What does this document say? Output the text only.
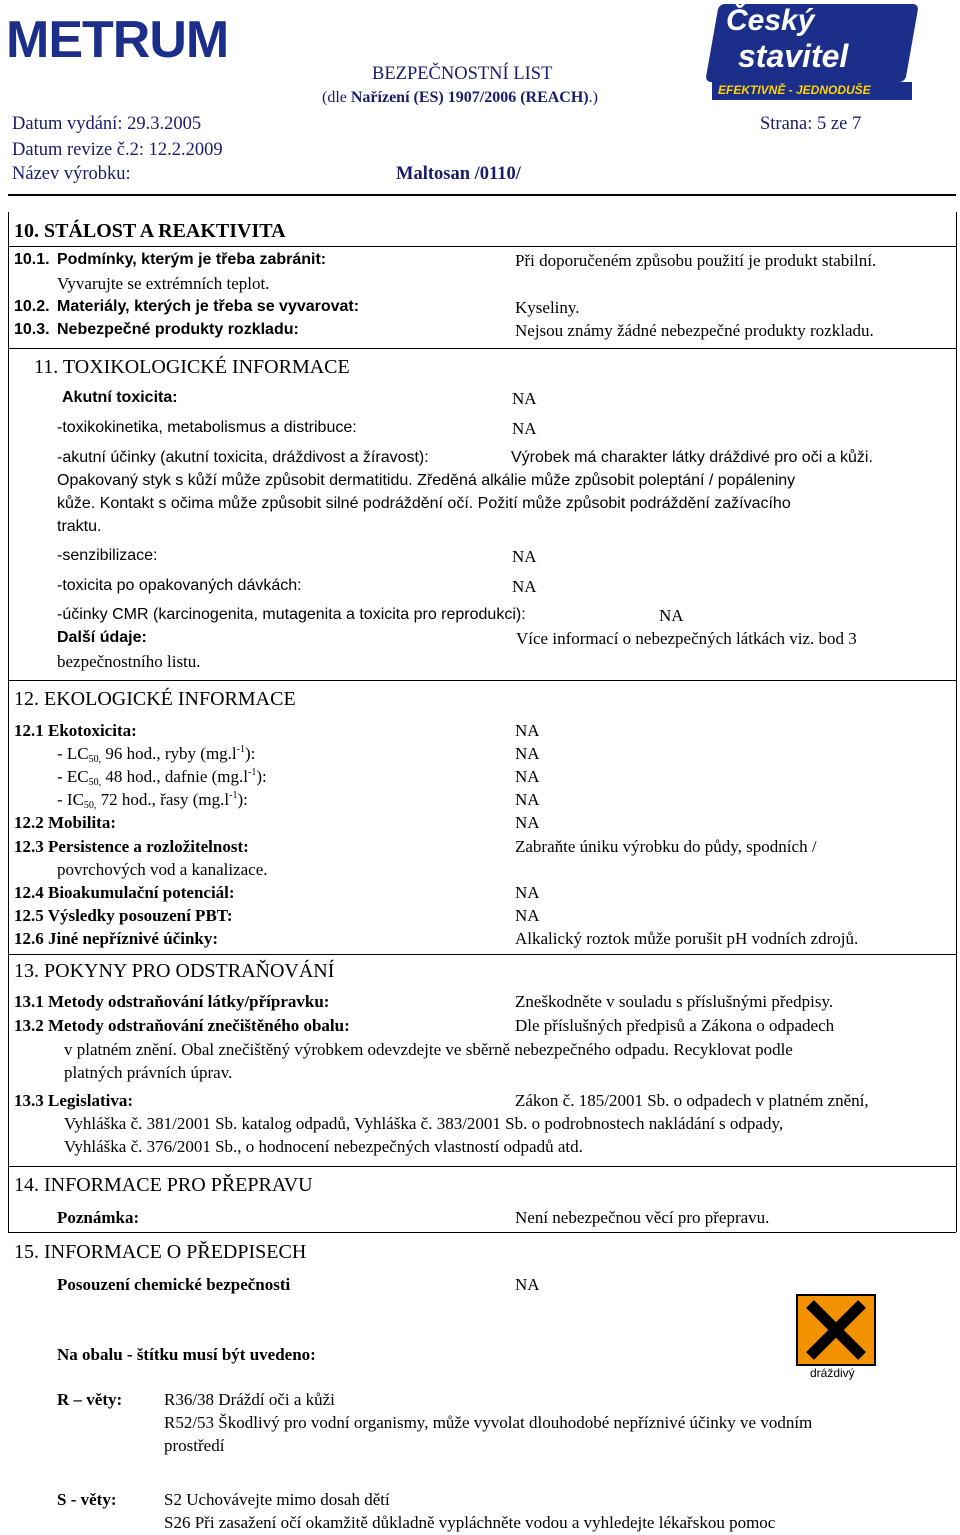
METRUM	Český
stavitel
EFEKTIVNĚ - JEDNODUŠE
BEZPEČNOSTNÍ LIST
(dle Nařízení (ES) 1907/2006 (REACH).)
Datum vydání: 29.3.2005	Strana: 5 ze 7
Datum revize č.2: 12.2.2009
Název výrobku:	Maltosan /0110/
10. STÁLOST A REAKTIVITA
10.1. Podmínky, kterým je třeba zabránit:	Při doporučeném způsobu použití je produkt stabilní.
Vyvarujte se extrémních teplot.
10.2. Materiály, kterých je třeba se vyvarovat:	Kyseliny.
10.3. Nebezpečné produkty rozkladu:	Nejsou známy žádné nebezpečné produkty rozkladu.
11. TOXIKOLOGICKÉ INFORMACE
Akutní toxicita:	NA
-toxikokinetika, metabolismus a distribuce:	NA
-akutní účinky (akutní toxicita, dráždivost a žíravost):	Výrobek má charakter látky dráždivé pro oči a kůži.
Opakovaný styk s kůží může způsobit dermatitidu. Zředěná alkálie může způsobit poleptání / popáleniny
kůže. Kontakt s očima může způsobit silné podráždění očí. Požití může způsobit podráždění zažívacího
traktu.
-senzibilizace:	NA
-toxicita po opakovaných dávkách:	NA
-účinky CMR (karcinogenita, mutagenita a toxicita pro reprodukci):	NA
Další údaje:	Více informací o nebezpečných látkách viz. bod 3
bezpečnostního listu.
12. EKOLOGICKÉ INFORMACE
12.1 Ekotoxicita:	NA
- $LC_{50,}$ 96 hod., ryby $(mg.l^{-1})$:	NA
- $EC_{50,}$ 48 hod., dafnie $(mg.l^{-1})$:	NA
- $IC_{50,}$ 72 hod., řasy $(mg.l^{-1})$:	NA
12.2 Mobilita:	NA
12.3 Persistence a rozložitelnost:	Zabraňte úniku výrobku do půdy, spodních /
povrchových vod a kanalizace.
12.4 Bioakumulační potenciál:	NA
12.5 Výsledky posouzení PBT:	NA
12.6 Jiné nepříznivé účinky:	Alkalický roztok může porušit pH vodních zdrojů.
13. POKYNY PRO ODSTRAŇOVÁNÍ
13.1 Metody odstraňování látky/přípravku:	Zneškodněte v souladu s příslušnými předpisy.
13.2 Metody odstraňování znečištěného obalu:	Dle příslušných předpisů a Zákona o odpadech
v platném znění. Obal znečištěný výrobkem odevzdejte ve sběrně nebezpečného odpadu. Recyklovat podle
platných právních úprav.
13.3 Legislativa:	Zákon č. 185/2001 Sb. o odpadech v platném znění,
Vyhláška č. 381/2001 Sb. katalog odpadů, Vyhláška č. 383/2001 Sb. o podrobnostech nakládání s odpady,
Vyhláška č. 376/2001 Sb., o hodnocení nebezpečných vlastností odpadů atd.
14. INFORMACE PRO PŘEPRAVU
Poznámka:	Není nebezpečnou věcí pro přepravu.
15. INFORMACE O PŘEDPISECH
Posouzení chemické bezpečnosti	NA
Na obalu - štítku musí být uvedeno:
dráždivý
R – věty: R36/38 Dráždí oči a kůži
R52/53 Škodlivý pro vodní organismy, může vyvolat dlouhodobé nepříznivé účinky ve vodním
prostředí
S - věty:	S2 Uchovávejte mimo dosah dětí
S26 Při zasažení očí okamžitě důkladně vypláchněte vodou a vyhledejte lékařskou pomoc
